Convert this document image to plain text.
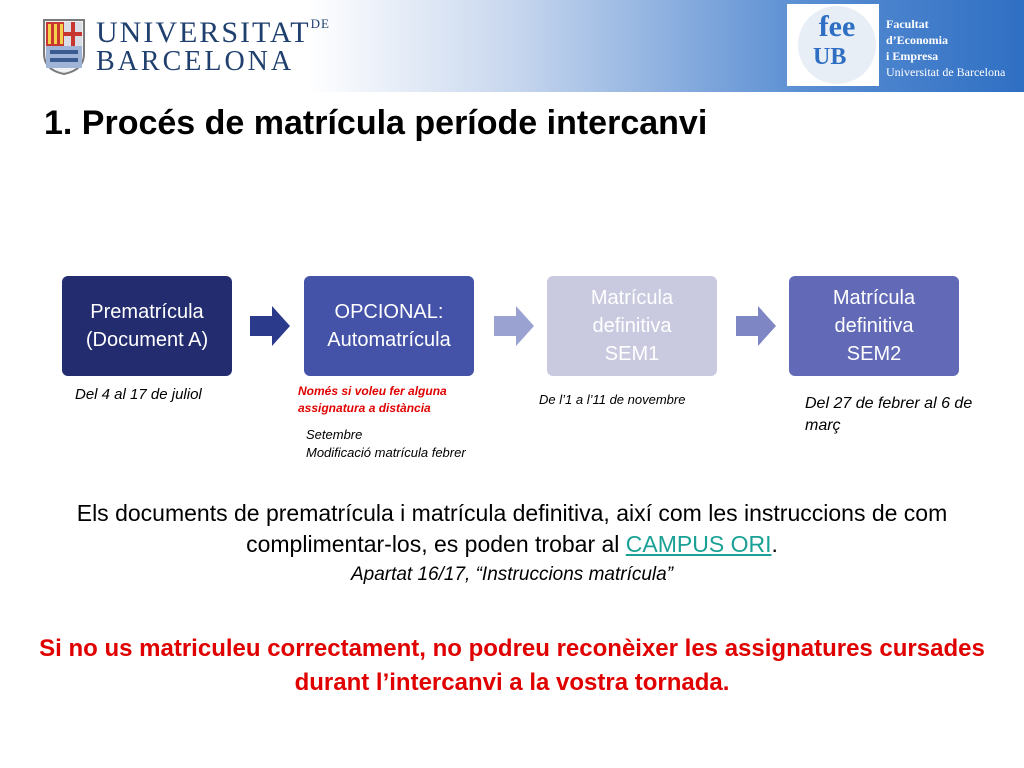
$UNIVERSITAT^{DE}$
BARCELONA
fee
UB
Facultat
d’Economia
i Empresa
Universitat de Barcelona
1. Procés de matrícula període intercanvi
Prematrícula
(Document A)
OPCIONAL:
Automatrícula
Matrícula
definitiva
SEM1
Matrícula
definitiva
SEM2
Del 4 al 17 de juliol	Només si voleu fer alguna
assignatura a distància
Setembre
Modificació matrícula febrer
De l’1 a l’11 de novembre	Del 27 de febrer al 6 de març
Els documents de prematrícula i matrícula definitiva, així com les instruccions de com complimentar-los, es poden trobar al CAMPUS ORI.
Apartat 16/17, “Instruccions matrícula”
Si no us matriculeu correctament, no podreu reconèixer les assignatures cursades durant l’intercanvi a la vostra tornada.
